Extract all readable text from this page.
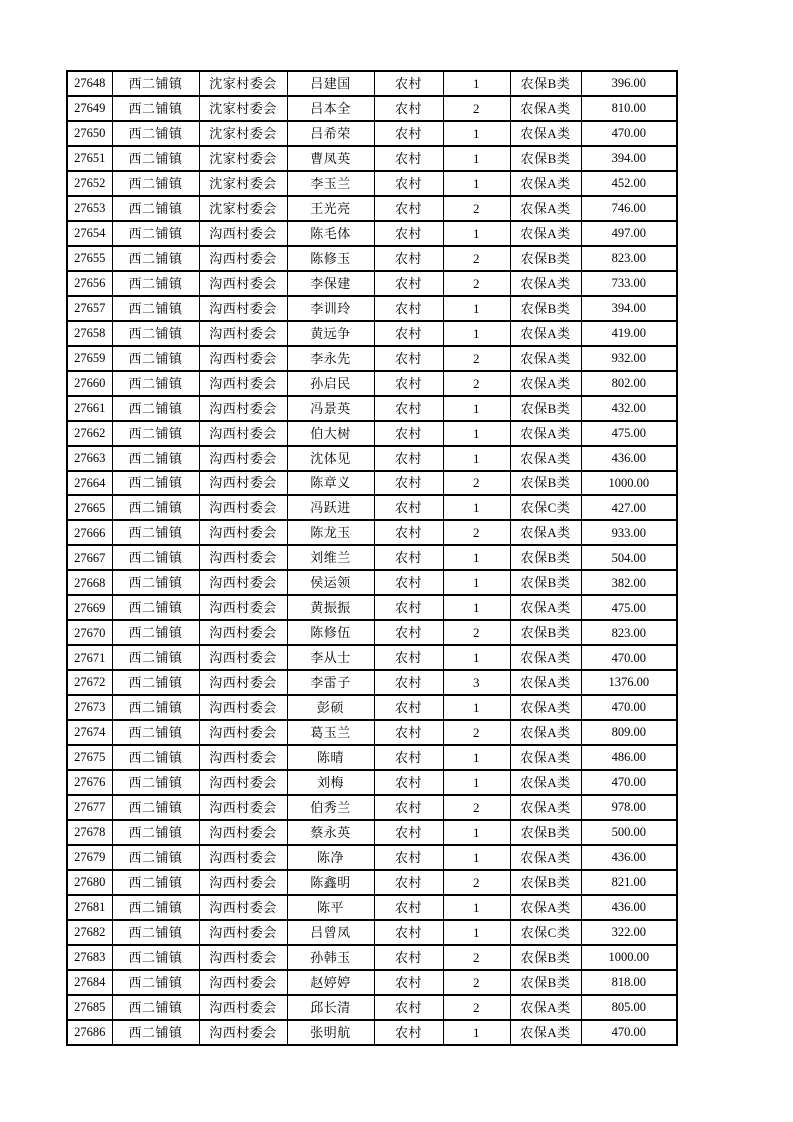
27648	西二铺镇	沈家村委会	吕建国	农村	1	农保B类	396.00
27649	西二铺镇	沈家村委会	吕本全	农村	2	农保A类	810.00
27650	西二铺镇	沈家村委会	吕希荣	农村	1	农保A类	470.00
27651	西二铺镇	沈家村委会	曹凤英	农村	1	农保B类	394.00
27652	西二铺镇	沈家村委会	李玉兰	农村	1	农保A类	452.00
27653	西二铺镇	沈家村委会	王光亮	农村	2	农保A类	746.00
27654	西二铺镇	沟西村委会	陈毛体	农村	1	农保A类	497.00
27655	西二铺镇	沟西村委会	陈修玉	农村	2	农保B类	823.00
27656	西二铺镇	沟西村委会	李保建	农村	2	农保A类	733.00
27657	西二铺镇	沟西村委会	李训玲	农村	1	农保B类	394.00
27658	西二铺镇	沟西村委会	黄远争	农村	1	农保A类	419.00
27659	西二铺镇	沟西村委会	李永先	农村	2	农保A类	932.00
27660	西二铺镇	沟西村委会	孙启民	农村	2	农保A类	802.00
27661	西二铺镇	沟西村委会	冯景英	农村	1	农保B类	432.00
27662	西二铺镇	沟西村委会	伯大树	农村	1	农保A类	475.00
27663	西二铺镇	沟西村委会	沈体见	农村	1	农保A类	436.00
27664	西二铺镇	沟西村委会	陈章义	农村	2	农保B类	1000.00
27665	西二铺镇	沟西村委会	冯跃进	农村	1	农保C类	427.00
27666	西二铺镇	沟西村委会	陈龙玉	农村	2	农保A类	933.00
27667	西二铺镇	沟西村委会	刘维兰	农村	1	农保B类	504.00
27668	西二铺镇	沟西村委会	侯运领	农村	1	农保B类	382.00
27669	西二铺镇	沟西村委会	黄振振	农村	1	农保A类	475.00
27670	西二铺镇	沟西村委会	陈修伍	农村	2	农保B类	823.00
27671	西二铺镇	沟西村委会	李从士	农村	1	农保A类	470.00
27672	西二铺镇	沟西村委会	李雷子	农村	3	农保A类	1376.00
27673	西二铺镇	沟西村委会	彭硕	农村	1	农保A类	470.00
27674	西二铺镇	沟西村委会	葛玉兰	农村	2	农保A类	809.00
27675	西二铺镇	沟西村委会	陈晴	农村	1	农保A类	486.00
27676	西二铺镇	沟西村委会	刘梅	农村	1	农保A类	470.00
27677	西二铺镇	沟西村委会	伯秀兰	农村	2	农保A类	978.00
27678	西二铺镇	沟西村委会	蔡永英	农村	1	农保B类	500.00
27679	西二铺镇	沟西村委会	陈净	农村	1	农保A类	436.00
27680	西二铺镇	沟西村委会	陈鑫明	农村	2	农保B类	821.00
27681	西二铺镇	沟西村委会	陈平	农村	1	农保A类	436.00
27682	西二铺镇	沟西村委会	吕曾凤	农村	1	农保C类	322.00
27683	西二铺镇	沟西村委会	孙韩玉	农村	2	农保B类	1000.00
27684	西二铺镇	沟西村委会	赵婷婷	农村	2	农保B类	818.00
27685	西二铺镇	沟西村委会	邱长清	农村	2	农保A类	805.00
27686	西二铺镇	沟西村委会	张明航	农村	1	农保A类	470.00
